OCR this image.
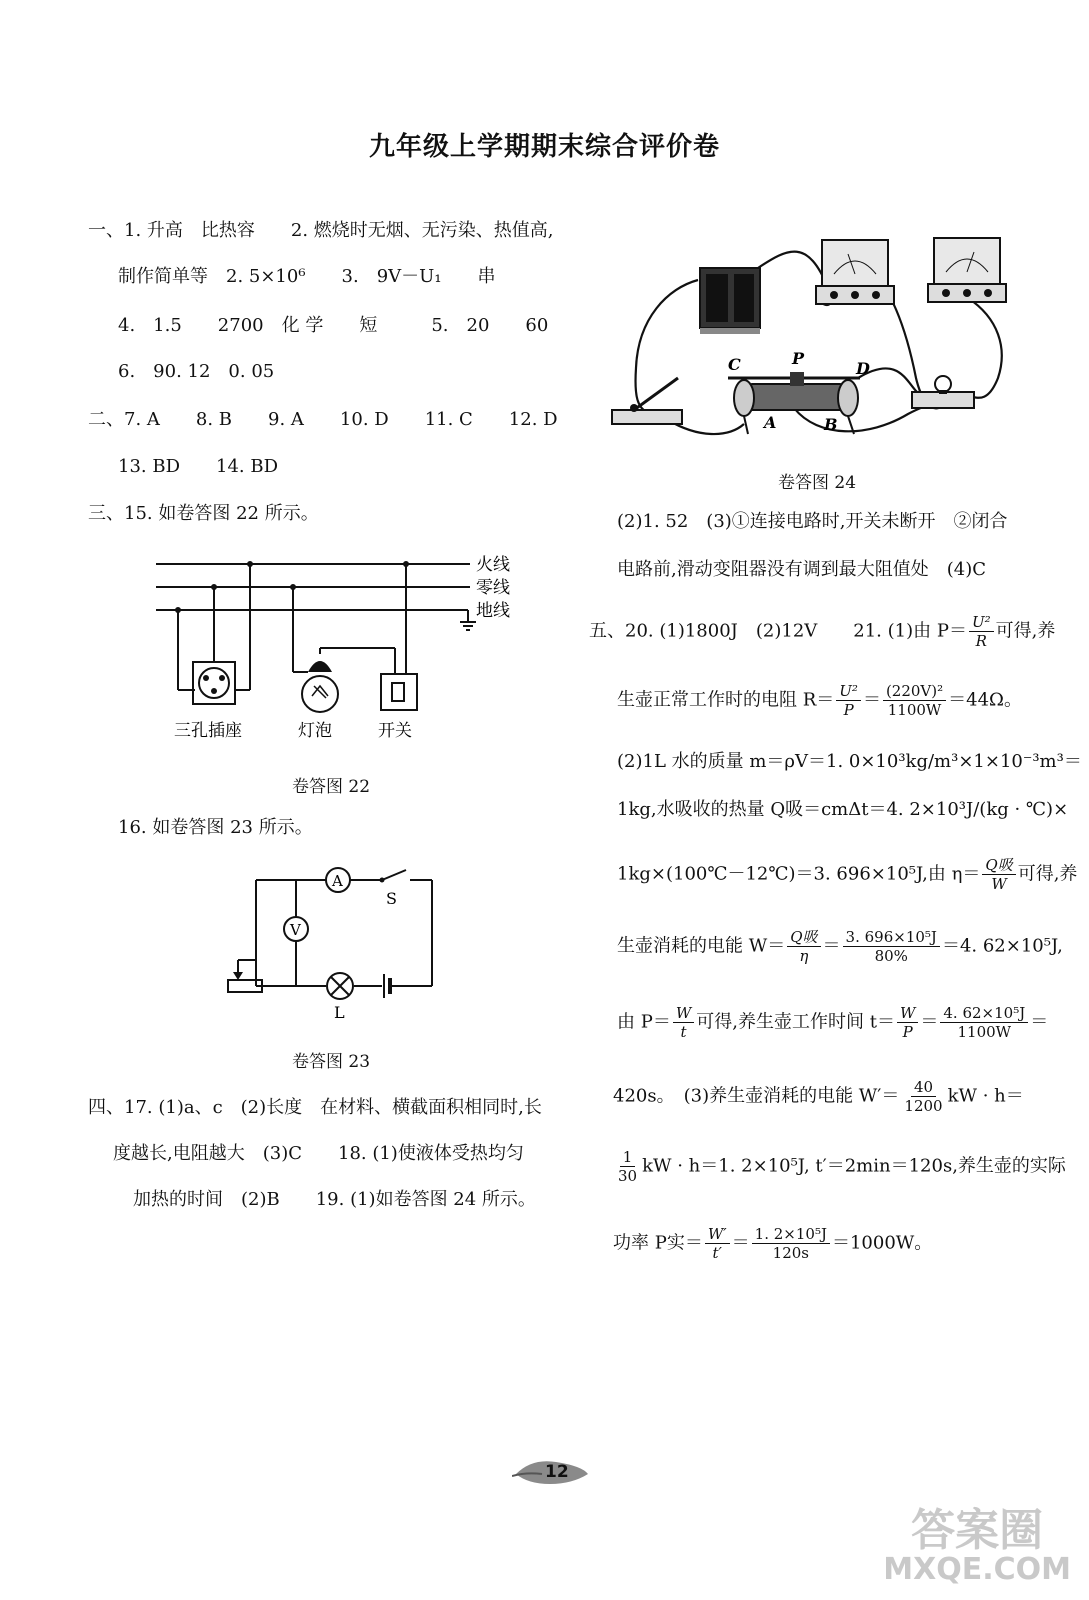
九年级上学期期末综合评价卷
一、1. 升高　比热容　　2. 燃烧时无烟、无污染、热值高,
制作简单等　2. 5×10⁶　　3.　9V－U₁　　串
4.　1.5　　2700　化 学　　短　　　5.　20　　60
6.　90. 12　0. 05
二、7. A　　8. B　　9. A　　10. D　　11. C　　12. D
13. BD　　14. BD
三、15. 如卷答图 22 所示。
火线
零线
地线
三孔插座	灯泡	开关
卷答图 22
16. 如卷答图 23 所示。
A
V
S
L
卷答图 23
四、17. (1)a、c　(2)长度　在材料、横截面积相同时,长
度越长,电阻越大　(3)C　　18. (1)使液体受热均匀
加热的时间　(2)B　　19. (1)如卷答图 24 所示。
C	P
D
A	B
卷答图 24
(2)1. 52　(3)①连接电路时,开关未断开　②闭合
电路前,滑动变阻器没有调到最大阻值处　(4)C
五、20. (1)1800J　(2)12V　　21. (1)由 $P= \frac{\text{U²}}{R}$ 可得,养
生壶正常工作时的电阻 $R= \frac{\text{U²}}{P} = \frac{\text{(220V)²}}{1100W} =44\Omega$。
(2)1L 水的质量 m＝ρV＝1. 0×10³kg/m³×1×10⁻³m³＝
1kg,水吸收的热量 Q吸＝cmΔt＝4. 2×10³J/(kg · ℃)×
1kg×(100℃－12℃)＝3. 696×10⁵J,由 $\eta= \frac{\text{Q吸}}{W}$ 可得,养
生壶消耗的电能 $W= \frac{\text{Q吸}}{\eta} = \frac{\text{3. 696×10⁵J}}{80\%} =4$. 62×10⁵J,
由 $P= \frac{W}{t}$ 可得,养生壶工作时间 $t= \frac{W}{P} = \frac{\text{4. 62×10⁵J}}{1100W}$ ＝
420s。　(3)养生壶消耗的电能 $W'= \frac{40}{1200}$ kW · h＝
$\frac{1}{30}$ kW · h＝1. 2×10⁵J, t′＝2min＝120s,养生壶的实际
功率 P实＝ $\frac{W'}{t'} = \frac{\text{1. 2×10⁵J}}{120s} =1000W$。
12
答案圈
MXQE.COM
